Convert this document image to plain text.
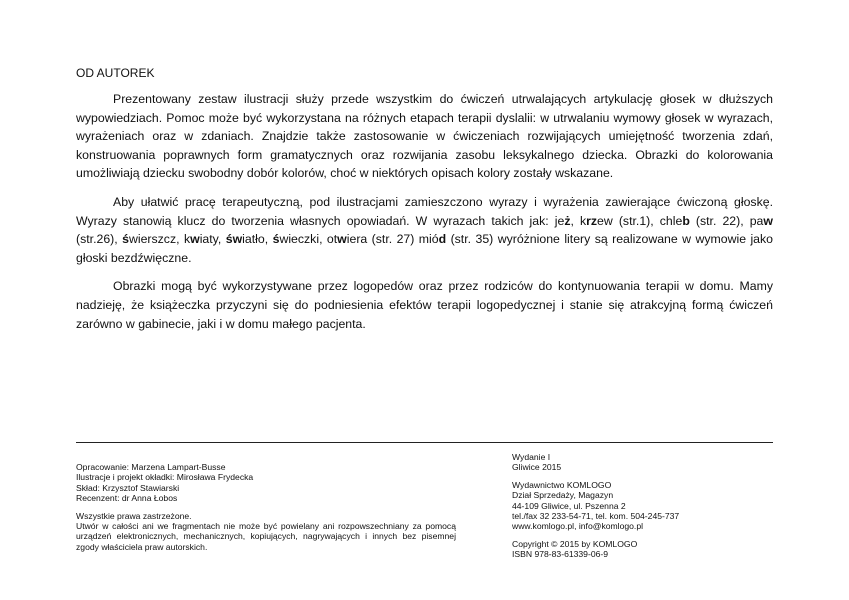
OD AUTOREK

Prezentowany zestaw ilustracji służy przede wszystkim do ćwiczeń utrwalających artykulację głosek w dłuższych wypowiedziach. Pomoc może być wykorzystana na różnych etapach terapii dyslalii: w utrwalaniu wymowy głosek w wyrazach, wyrażeniach oraz w zdaniach. Znajdzie także zastosowanie w ćwiczeniach rozwijających umiejętność tworzenia zdań, konstruowania poprawnych form gramatycznych oraz rozwijania zasobu leksykalnego dziecka. Obrazki do kolorowania umożliwiają dziecku swobodny dobór kolorów, choć w niektórych opisach kolory zostały wskazane.

Aby ułatwić pracę terapeutyczną, pod ilustracjami zamieszczono wyrazy i wyrażenia zawierające ćwiczoną głoskę. Wyrazy stanowią klucz do tworzenia własnych opowiadań. W wyrazach takich jak: jeż, krzew (str.1), chleb (str. 22), paw (str.26), świerszcz, kwiaty, światło, świeczki, otwiera (str. 27) miód (str. 35) wyróżnione litery są realizowane w wymowie jako głoski bezdźwięczne.

Obrazki mogą być wykorzystywane przez logopedów oraz przez rodziców do kontynuowania terapii w domu. Mamy nadzieję, że książeczka przyczyni się do podniesienia efektów terapii logopedycznej i stanie się atrakcyjną formą ćwiczeń zarówno w gabinecie, jaki i w domu małego pacjenta.

Opracowanie: Marzena Lampart-Busse
Ilustracje i projekt okładki: Mirosława Frydecka
Skład: Krzysztof Stawiarski
Recenzent: dr Anna Łobos
Wszystkie prawa zastrzeżone.
Utwór w całości ani we fragmentach nie może być powielany ani rozpowszechniany za pomocą urządzeń elektronicznych, mechanicznych, kopiujących, nagrywających i innych bez pisemnej zgody właściciela praw autorskich.
Wydanie I
Gliwice 2015
Wydawnictwo KOMLOGO
Dział Sprzedaży, Magazyn
44-109 Gliwice, ul. Pszenna 2
tel./fax 32 233-54-71, tel. kom. 504-245-737
www.komlogo.pl, info@komlogo.pl
Copyright © 2015 by KOMLOGO
ISBN 978-83-61339-06-9
